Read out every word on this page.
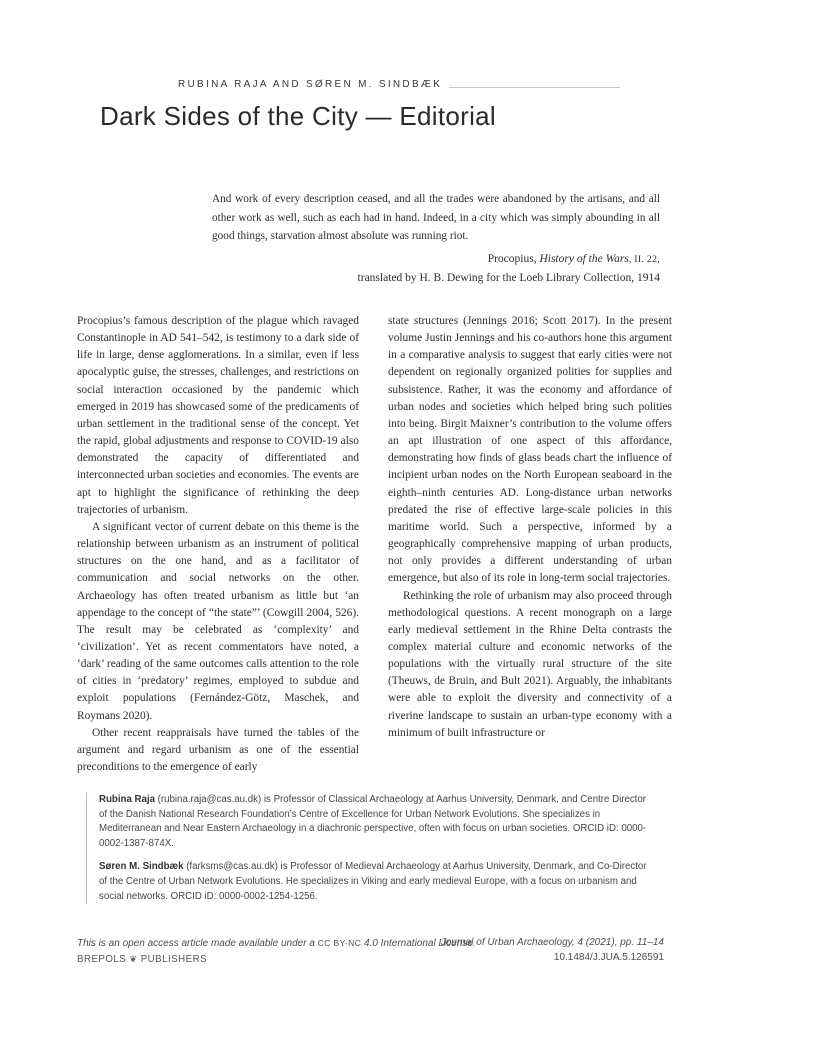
RUBINA RAJA AND SØREN M. SINDBÆK
Dark Sides of the City — Editorial
And work of every description ceased, and all the trades were abandoned by the artisans, and all other work as well, such as each had in hand. Indeed, in a city which was simply abounding in all good things, starvation almost absolute was running riot.
Procopius, History of the Wars, II. 22,
translated by H. B. Dewing for the Loeb Library Collection, 1914

Procopius’s famous description of the plague which ravaged Constantinople in AD 541–542, is testimony to a dark side of life in large, dense agglomerations. In a similar, even if less apocalyptic guise, the stresses, challenges, and restrictions on social interaction occasioned by the pandemic which emerged in 2019 has showcased some of the predicaments of urban settlement in the traditional sense of the concept. Yet the rapid, global adjustments and response to COVID-19 also demonstrated the capacity of differentiated and interconnected urban societies and economies. The events are apt to highlight the significance of rethinking the deep trajectories of urbanism.

A significant vector of current debate on this theme is the relationship between urbanism as an instrument of political structures on the one hand, and as a facilitator of communication and social networks on the other. Archaeology has often treated urbanism as little but ‘an appendage to the concept of “the state”’ (Cowgill 2004, 526). The result may be celebrated as ‘complexity’ and ‘civilization’. Yet as recent commentators have noted, a ‘dark’ reading of the same outcomes calls attention to the role of cities in ‘predatory’ regimes, employed to subdue and exploit populations (Fernández-Götz, Maschek, and Roymans 2020).

Other recent reappraisals have turned the tables of the argument and regard urbanism as one of the essential preconditions to the emergence of early

state structures (Jennings 2016; Scott 2017). In the present volume Justin Jennings and his co-authors hone this argument in a comparative analysis to suggest that early cities were not dependent on regionally organized polities for supplies and subsistence. Rather, it was the economy and affordance of urban nodes and societies which helped bring such polities into being. Birgit Maixner’s contribution to the volume offers an apt illustration of one aspect of this affordance, demonstrating how finds of glass beads chart the influence of incipient urban nodes on the North European seaboard in the eighth–ninth centuries AD. Long-distance urban networks predated the rise of effective large-scale policies in this maritime world. Such a perspective, informed by a geographically comprehensive mapping of urban products, not only provides a different understanding of urban emergence, but also of its role in long-term social trajectories.

Rethinking the role of urbanism may also proceed through methodological questions. A recent monograph on a large early medieval settlement in the Rhine Delta contrasts the complex material culture and economic networks of the populations with the virtually rural structure of the site (Theuws, de Bruin, and Bult 2021). Arguably, the inhabitants were able to exploit the diversity and connectivity of a riverine landscape to sustain an urban-type economy with a minimum of built infrastructure or

Rubina Raja (rubina.raja@cas.au.dk) is Professor of Classical Archaeology at Aarhus University, Denmark, and Centre Director of the Danish National Research Foundation’s Centre of Excellence for Urban Network Evolutions. She specializes in Mediterranean and Near Eastern Archaeology in a diachronic perspective, often with focus on urban societies. ORCID iD: 0000-0002-1387-874X.

Søren M. Sindbæk (farksms@cas.au.dk) is Professor of Medieval Archaeology at Aarhus University, Denmark, and Co-Director of the Centre of Urban Network Evolutions. He specializes in Viking and early medieval Europe, with a focus on urbanism and social networks. ORCID iD: 0000-0002-1254-1256.

This is an open access article made available under a CC BY-NC 4.0 International License.
BREPOLS ❦ PUBLISHERS
Journal of Urban Archaeology, 4 (2021), pp. 11–14
10.1484/J.JUA.5.126591
